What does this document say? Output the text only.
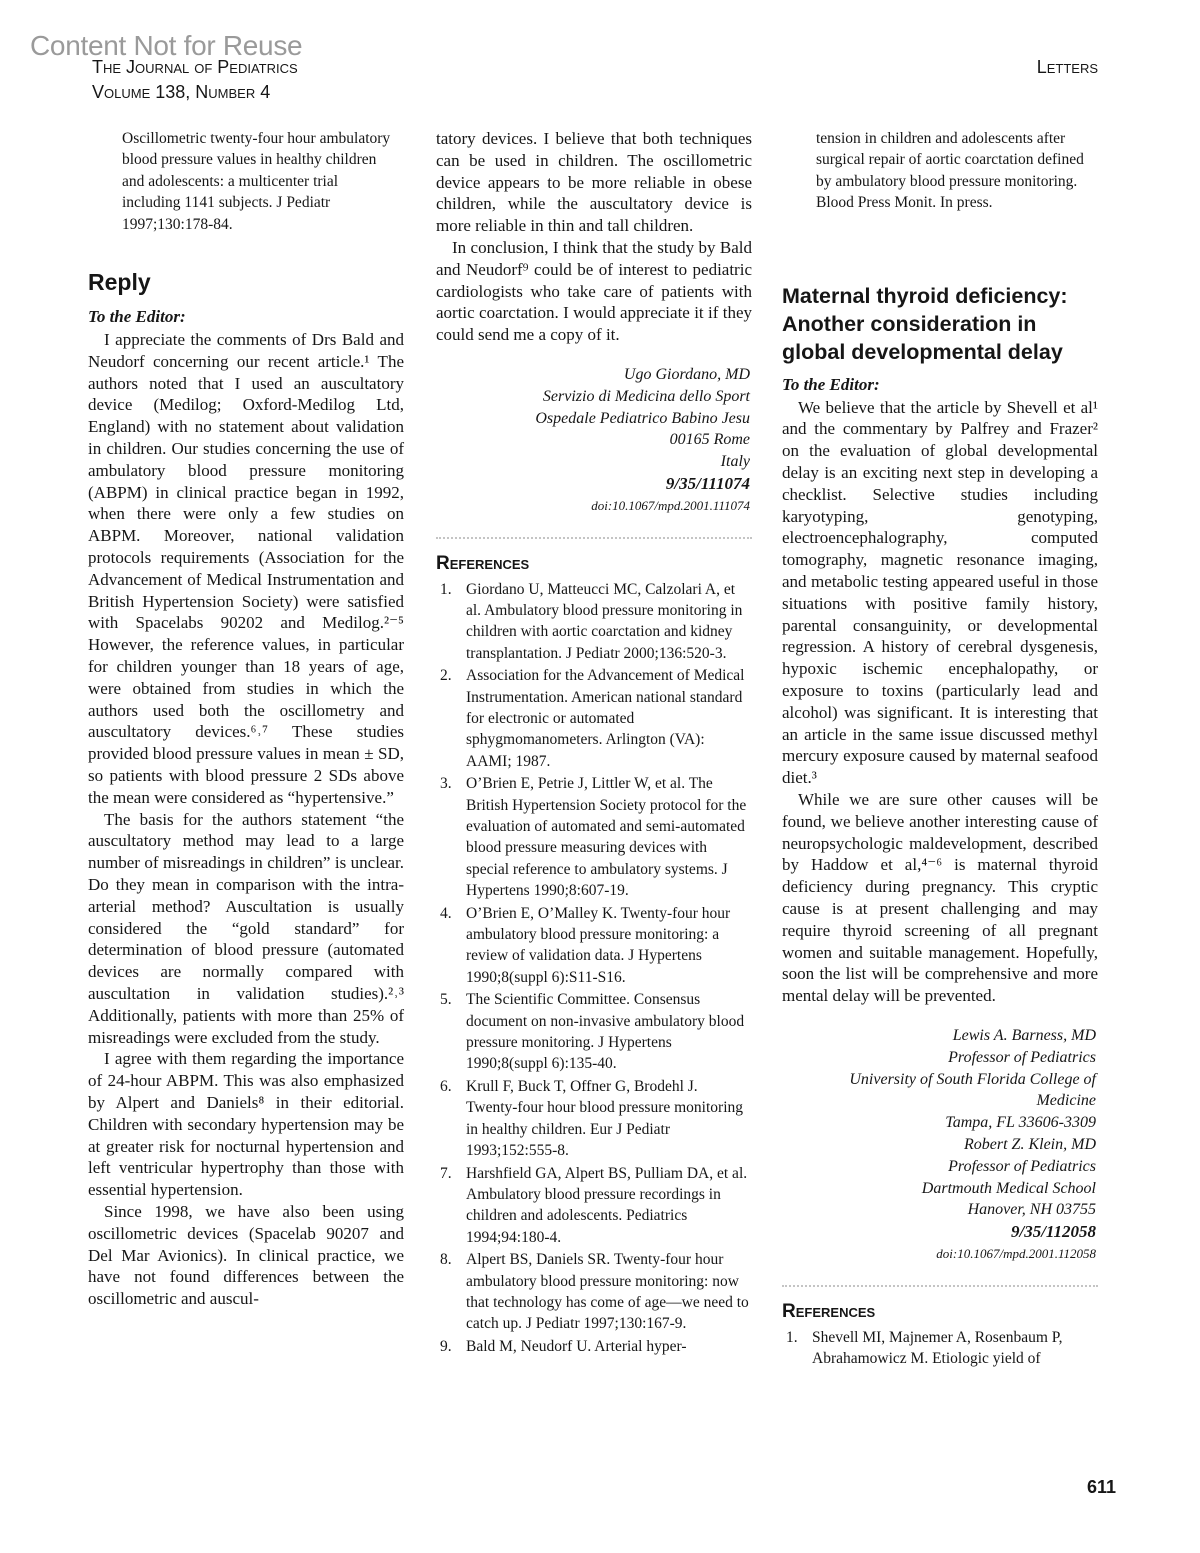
Content Not for Reuse
The Journal of Pediatrics
Volume 138, Number 4
Letters

Oscillometric twenty-four hour ambulatory blood pressure values in healthy children and adolescents: a multicenter trial including 1141 subjects. J Pediatr 1997;130:178-84.

Reply
To the Editor:

I appreciate the comments of Drs Bald and Neudorf concerning our recent article.¹ The authors noted that I used an auscultatory device (Medilog; Oxford-Medilog Ltd, England) with no statement about validation in children. Our studies concerning the use of ambulatory blood pressure monitoring (ABPM) in clinical practice began in 1992, when there were only a few studies on ABPM. Moreover, national validation protocols requirements (Association for the Advancement of Medical Instrumentation and British Hypertension Society) were satisfied with Spacelabs 90202 and Medilog.²⁻⁵ However, the reference values, in particular for children younger than 18 years of age, were obtained from studies in which the authors used both the oscillometry and auscultatory devices.⁶˒⁷ These studies provided blood pressure values in mean ± SD, so patients with blood pressure 2 SDs above the mean were considered as “hypertensive.”

The basis for the authors statement “the auscultatory method may lead to a large number of misreadings in children” is unclear. Do they mean in comparison with the intra-arterial method? Auscultation is usually considered the “gold standard” for determination of blood pressure (automated devices are normally compared with auscultation in validation studies).²˒³ Additionally, patients with more than 25% of misreadings were excluded from the study.

I agree with them regarding the importance of 24-hour ABPM. This was also emphasized by Alpert and Daniels⁸ in their editorial. Children with secondary hypertension may be at greater risk for nocturnal hypertension and left ventricular hypertrophy than those with essential hypertension.

Since 1998, we have also been using oscillometric devices (Spacelab 90207 and Del Mar Avionics). In clinical practice, we have not found differences between the oscillometric and auscul-

tatory devices. I believe that both techniques can be used in children. The oscillometric device appears to be more reliable in obese children, while the auscultatory device is more reliable in thin and tall children.

In conclusion, I think that the study by Bald and Neudorf⁹ could be of interest to pediatric cardiologists who take care of patients with aortic coarctation. I would appreciate it if they could send me a copy of it.

Ugo Giordano, MD
Servizio di Medicina dello Sport
Ospedale Pediatrico Babino Jesu
00165 Rome
Italy
9/35/111074
doi:10.1067/mpd.2001.111074
References
1. Giordano U, Matteucci MC, Calzolari A, et al. Ambulatory blood pressure monitoring in children with aortic coarctation and kidney transplantation. J Pediatr 2000;136:520-3.
2. Association for the Advancement of Medical Instrumentation. American national standard for electronic or automated sphygmomanometers. Arlington (VA): AAMI; 1987.
3. O’Brien E, Petrie J, Littler W, et al. The British Hypertension Society protocol for the evaluation of automated and semi-automated blood pressure measuring devices with special reference to ambulatory systems. J Hypertens 1990;8:607-19.
4. O’Brien E, O’Malley K. Twenty-four hour ambulatory blood pressure monitoring: a review of validation data. J Hypertens 1990;8(suppl 6):S11-S16.
5. The Scientific Committee. Consensus document on non-invasive ambulatory blood pressure monitoring. J Hypertens 1990;8(suppl 6):135-40.
6. Krull F, Buck T, Offner G, Brodehl J. Twenty-four hour blood pressure monitoring in healthy children. Eur J Pediatr 1993;152:555-8.
7. Harshfield GA, Alpert BS, Pulliam DA, et al. Ambulatory blood pressure recordings in children and adolescents. Pediatrics 1994;94:180-4.
8. Alpert BS, Daniels SR. Twenty-four hour ambulatory blood pressure monitoring: now that technology has come of age—we need to catch up. J Pediatr 1997;130:167-9.
9. Bald M, Neudorf U. Arterial hyper-

tension in children and adolescents after surgical repair of aortic coarctation defined by ambulatory blood pressure monitoring. Blood Press Monit. In press.

Maternal thyroid deficiency: Another consideration in global developmental delay
To the Editor:

We believe that the article by Shevell et al¹ and the commentary by Palfrey and Frazer² on the evaluation of global developmental delay is an exciting next step in developing a checklist. Selective studies including karyotyping, genotyping, electroencephalography, computed tomography, magnetic resonance imaging, and metabolic testing appeared useful in those situations with positive family history, parental consanguinity, or developmental regression. A history of cerebral dysgenesis, hypoxic ischemic encephalopathy, or exposure to toxins (particularly lead and alcohol) was significant. It is interesting that an article in the same issue discussed methyl mercury exposure caused by maternal seafood diet.³

While we are sure other causes will be found, we believe another interesting cause of neuropsychologic maldevelopment, described by Haddow et al,⁴⁻⁶ is maternal thyroid deficiency during pregnancy. This cryptic cause is at present challenging and may require thyroid screening of all pregnant women and suitable management. Hopefully, soon the list will be comprehensive and more mental delay will be prevented.

Lewis A. Barness, MD
Professor of Pediatrics
University of South Florida College of
Medicine
Tampa, FL 33606-3309
Robert Z. Klein, MD
Professor of Pediatrics
Dartmouth Medical School
Hanover, NH 03755
9/35/112058
doi:10.1067/mpd.2001.112058
References
1. Shevell MI, Majnemer A, Rosenbaum P, Abrahamowicz M. Etiologic yield of
611
